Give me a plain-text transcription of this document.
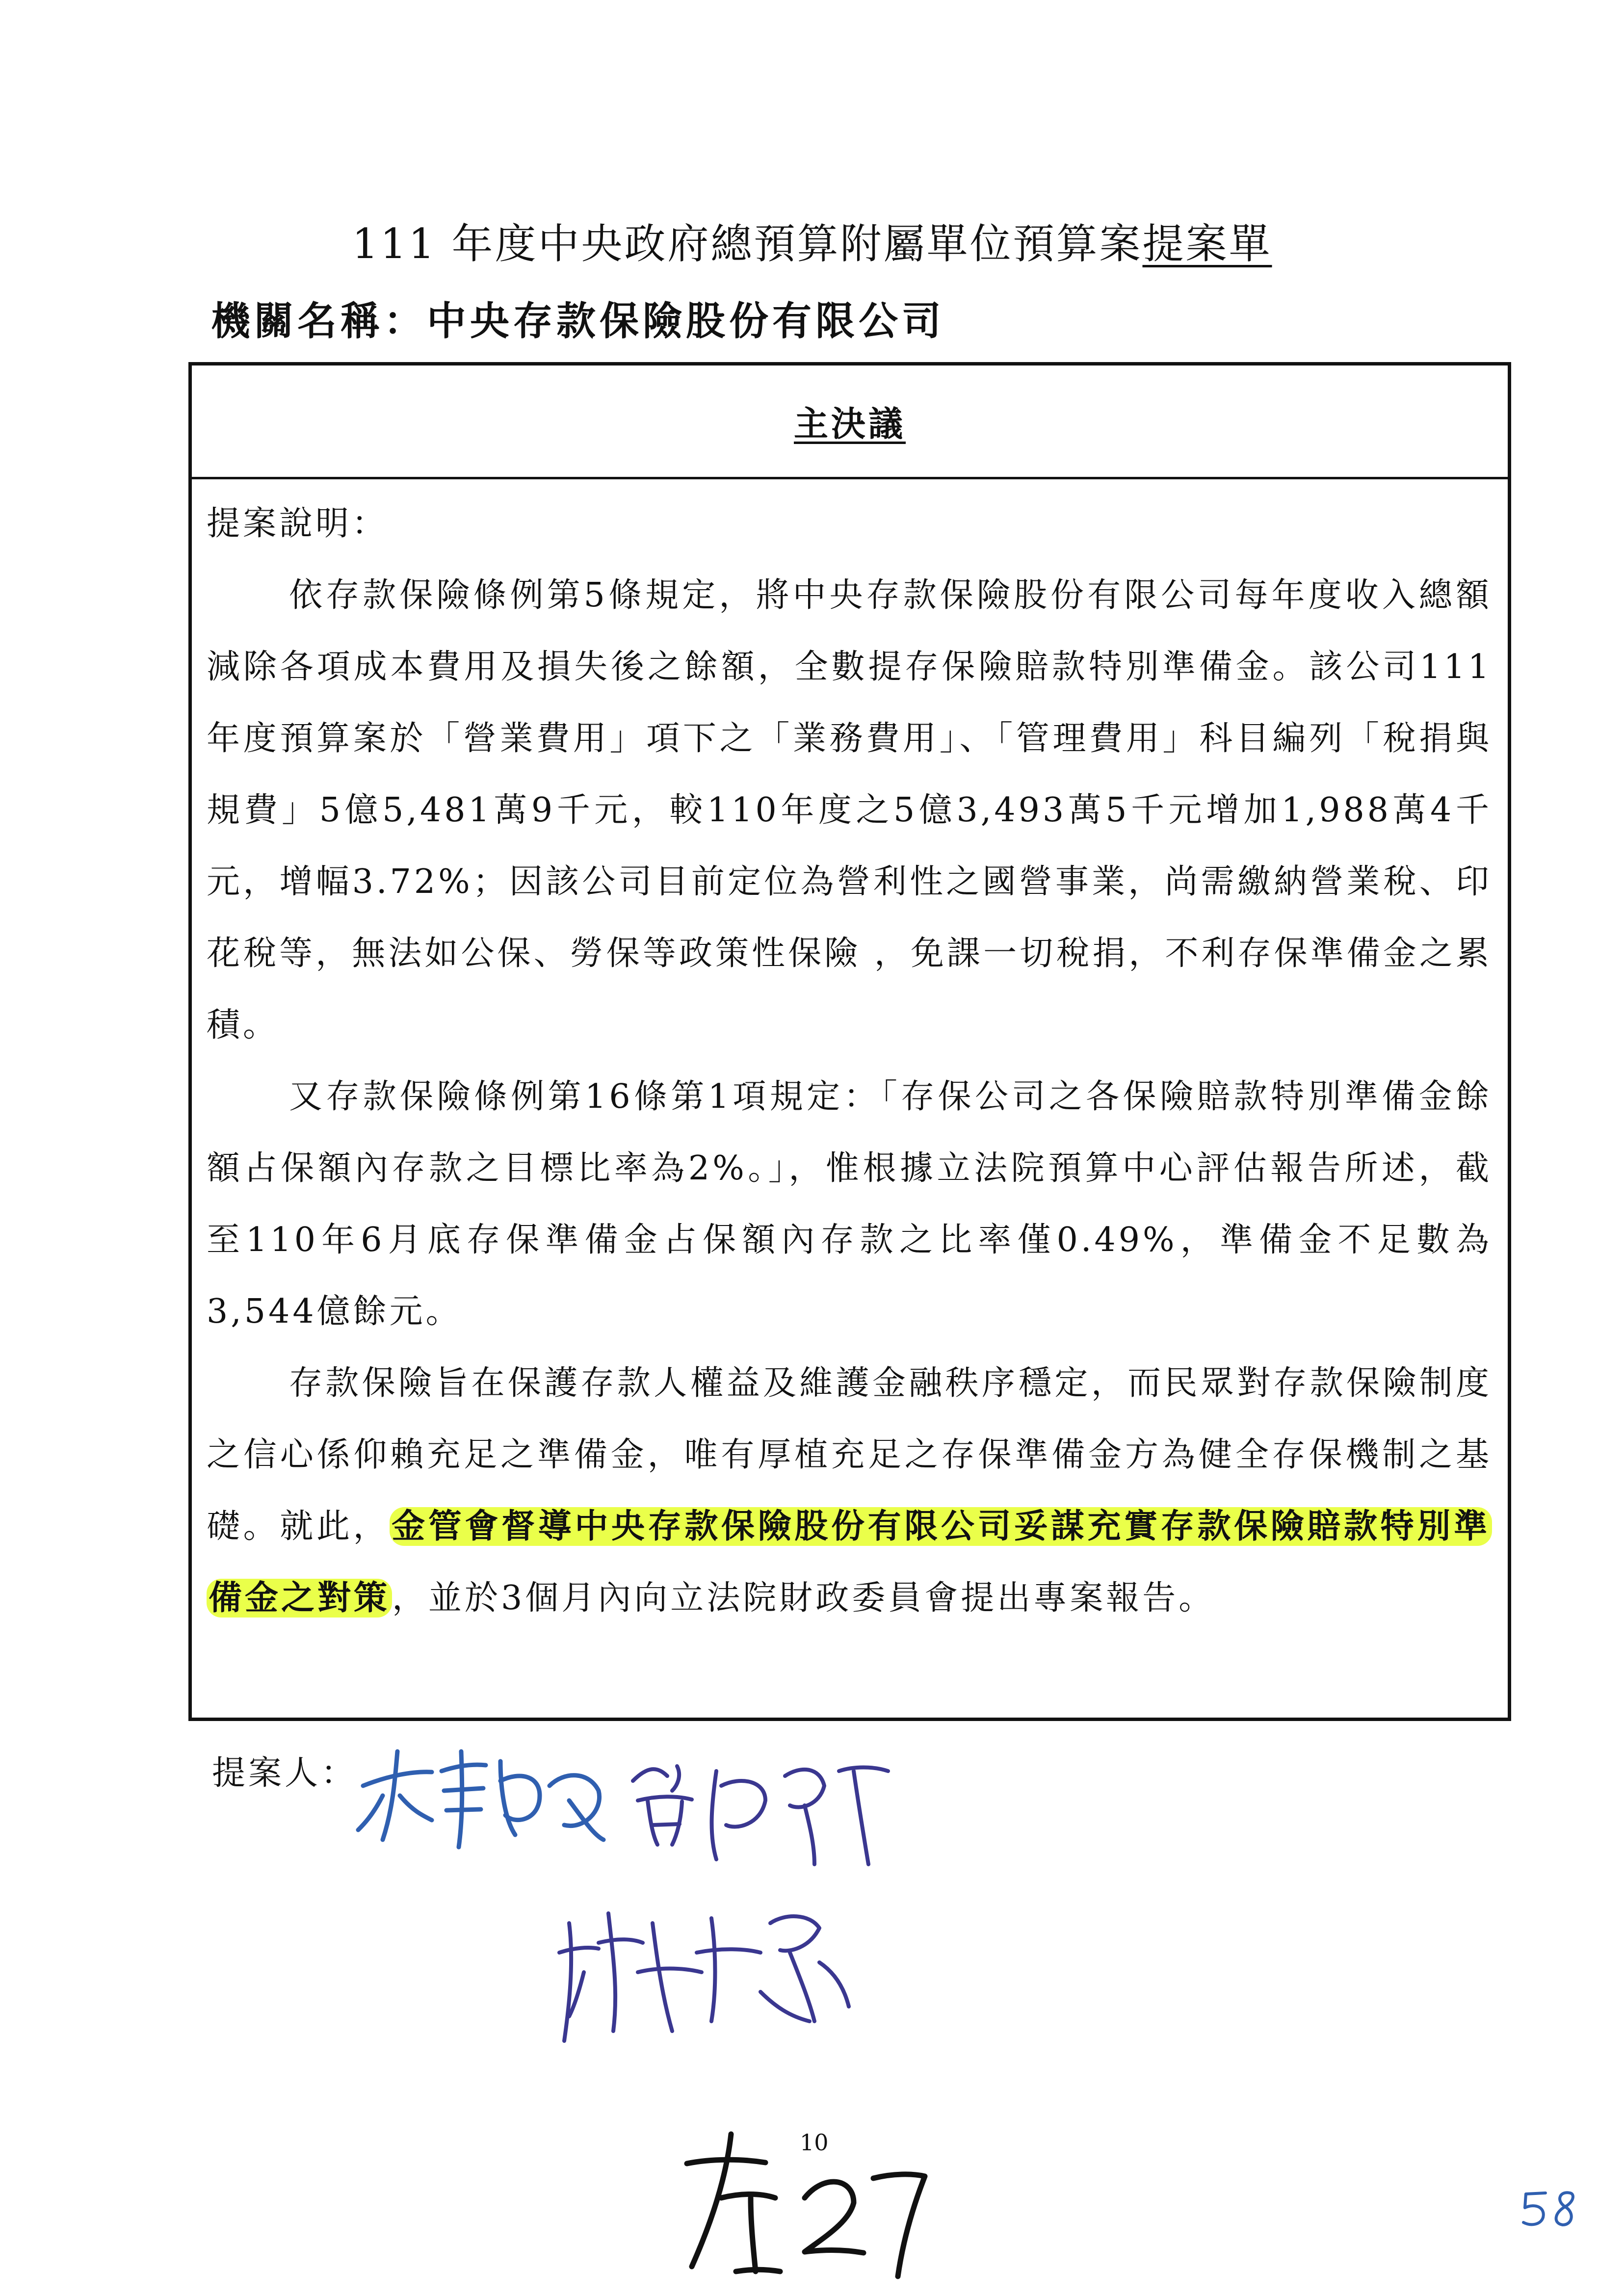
111 年度中央政府總預算附屬單位預算案提案單
機關名稱：中央存款保險股份有限公司
主決議

提案說明：

依存款保險條例第5條規定，將中央存款保險股份有限公司每年度收入總額減除各項成本費用及損失後之餘額，全數提存保險賠款特別準備金。該公司111年度預算案於「營業費用」項下之「業務費用」、「管理費用」科目編列「稅捐與規費」5億5,481萬9千元，較110年度之5億3,493萬5千元增加1,988萬4千元，增幅3.72%；因該公司目前定位為營利性之國營事業，尚需繳納營業稅、印花稅等，無法如公保、勞保等政策性保險 ，免課一切稅捐，不利存保準備金之累積。

又存款保險條例第16條第1項規定：「存保公司之各保險賠款特別準備金餘額占保額內存款之目標比率為2%。」，惟根據立法院預算中心評估報告所述，截至110年6月底存保準備金占保額內存款之比率僅0.49%，準備金不足數為3,544億餘元。

存款保險旨在保護存款人權益及維護金融秩序穩定，而民眾對存款保險制度之信心係仰賴充足之準備金，唯有厚植充足之存保準備金方為健全存保機制之基礎。就此，金管會督導中央存款保險股份有限公司妥謀充實存款保險賠款特別準備金之對策，並於3個月內向立法院財政委員會提出專案報告。

提案人：
10
